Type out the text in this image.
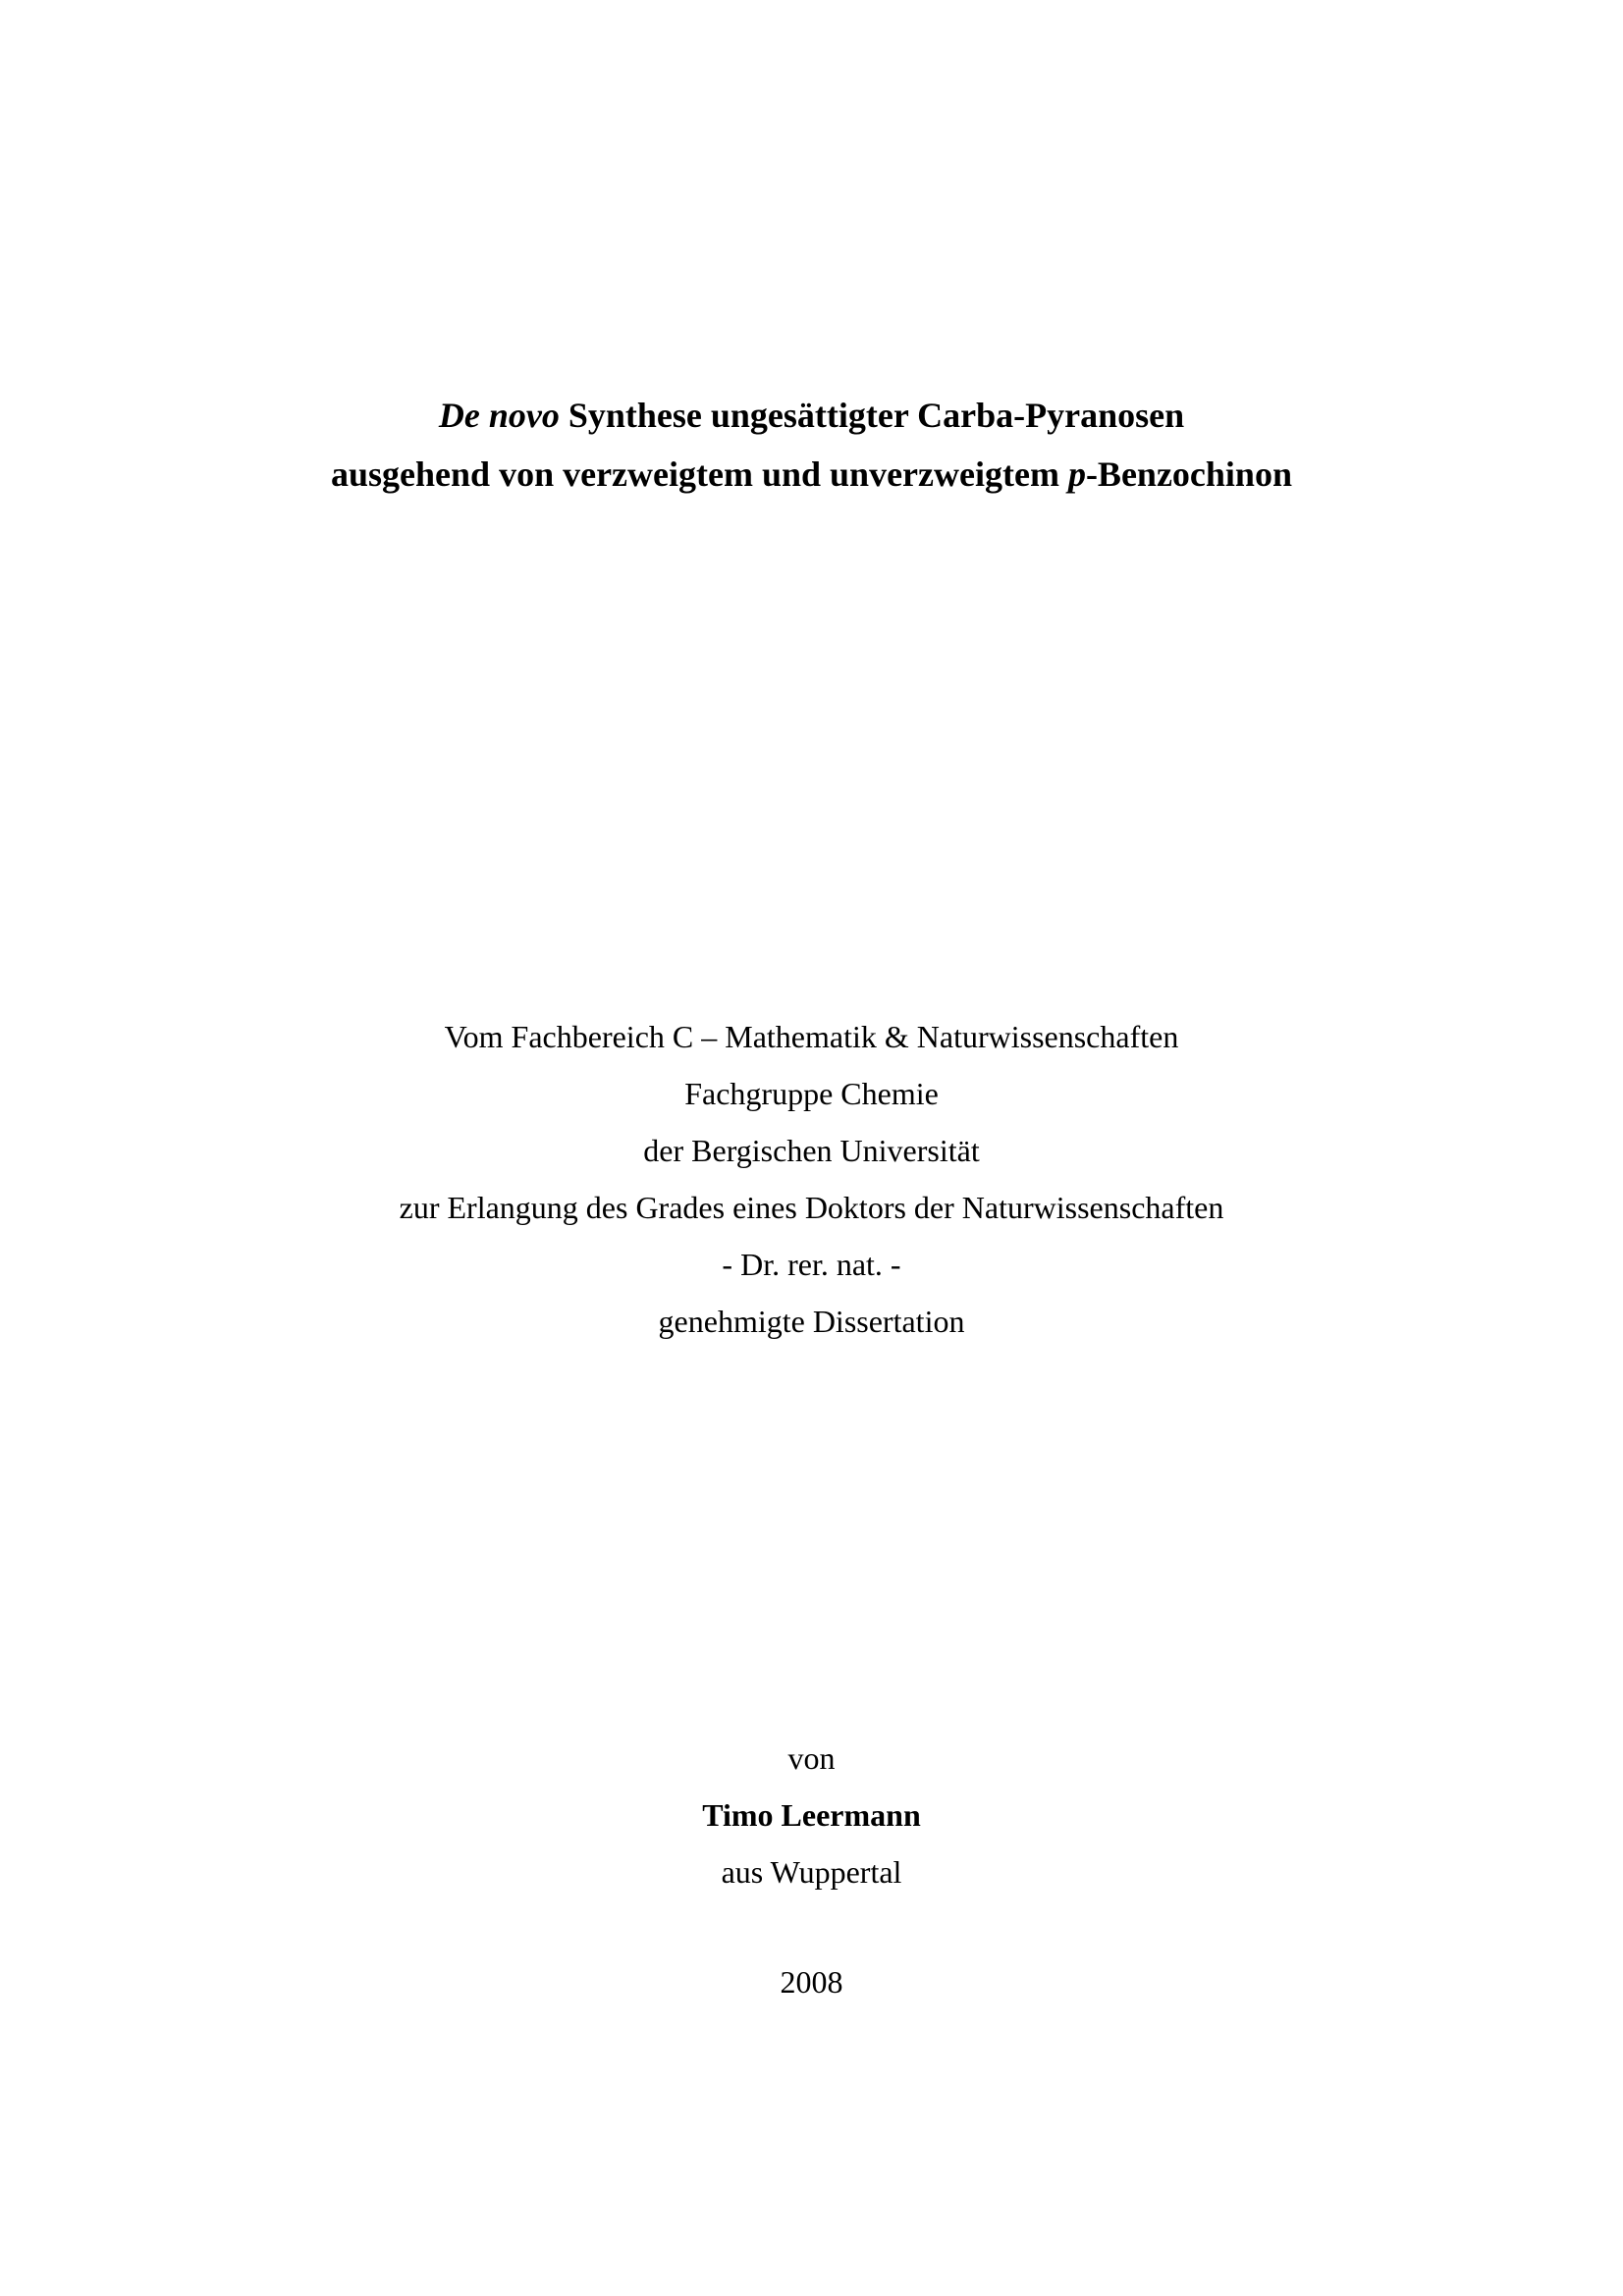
De novo Synthese ungesättigter Carba-Pyranosen
ausgehend von verzweigtem und unverzweigtem p-Benzochinon
Vom Fachbereich C – Mathematik & Naturwissenschaften
Fachgruppe Chemie
der Bergischen Universität
zur Erlangung des Grades eines Doktors der Naturwissenschaften
- Dr. rer. nat. -
genehmigte Dissertation
von
Timo Leermann
aus Wuppertal
2008
